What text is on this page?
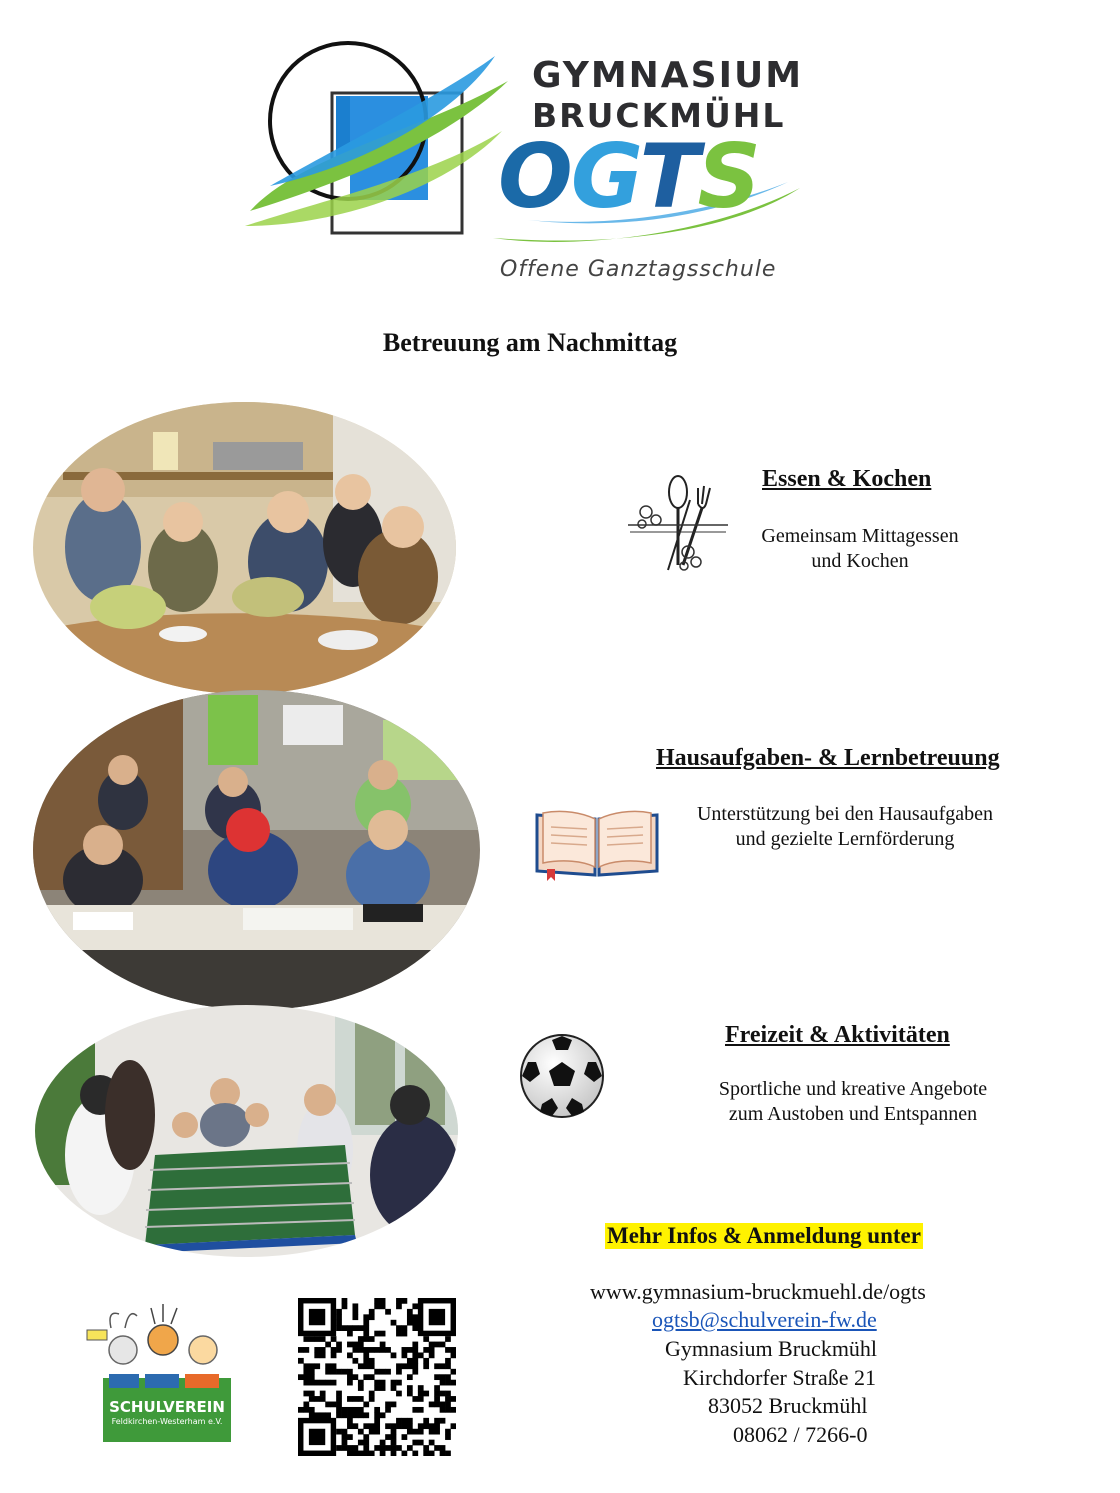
GYMNASIUM
BRUCKMÜHL
OGTS
Offene Ganztagsschule
Betreuung am Nachmittag
Essen & Kochen
Gemeinsam Mittagessen
und Kochen
Hausaufgaben- & Lernbetreuung
Unterstützung bei den Hausaufgaben
und gezielte Lernförderung
Freizeit & Aktivitäten
Sportliche und kreative Angebote
zum Austoben und Entspannen
Mehr Infos & Anmeldung unter
www.gymnasium-bruckmuehl.de/ogts
ogtsb@schulverein-fw.de
Gymnasium Bruckmühl
Kirchdorfer Straße 21
83052 Bruckmühl
08062 / 7266-0
SCHULVEREIN
Feldkirchen-Westerham e.V.
